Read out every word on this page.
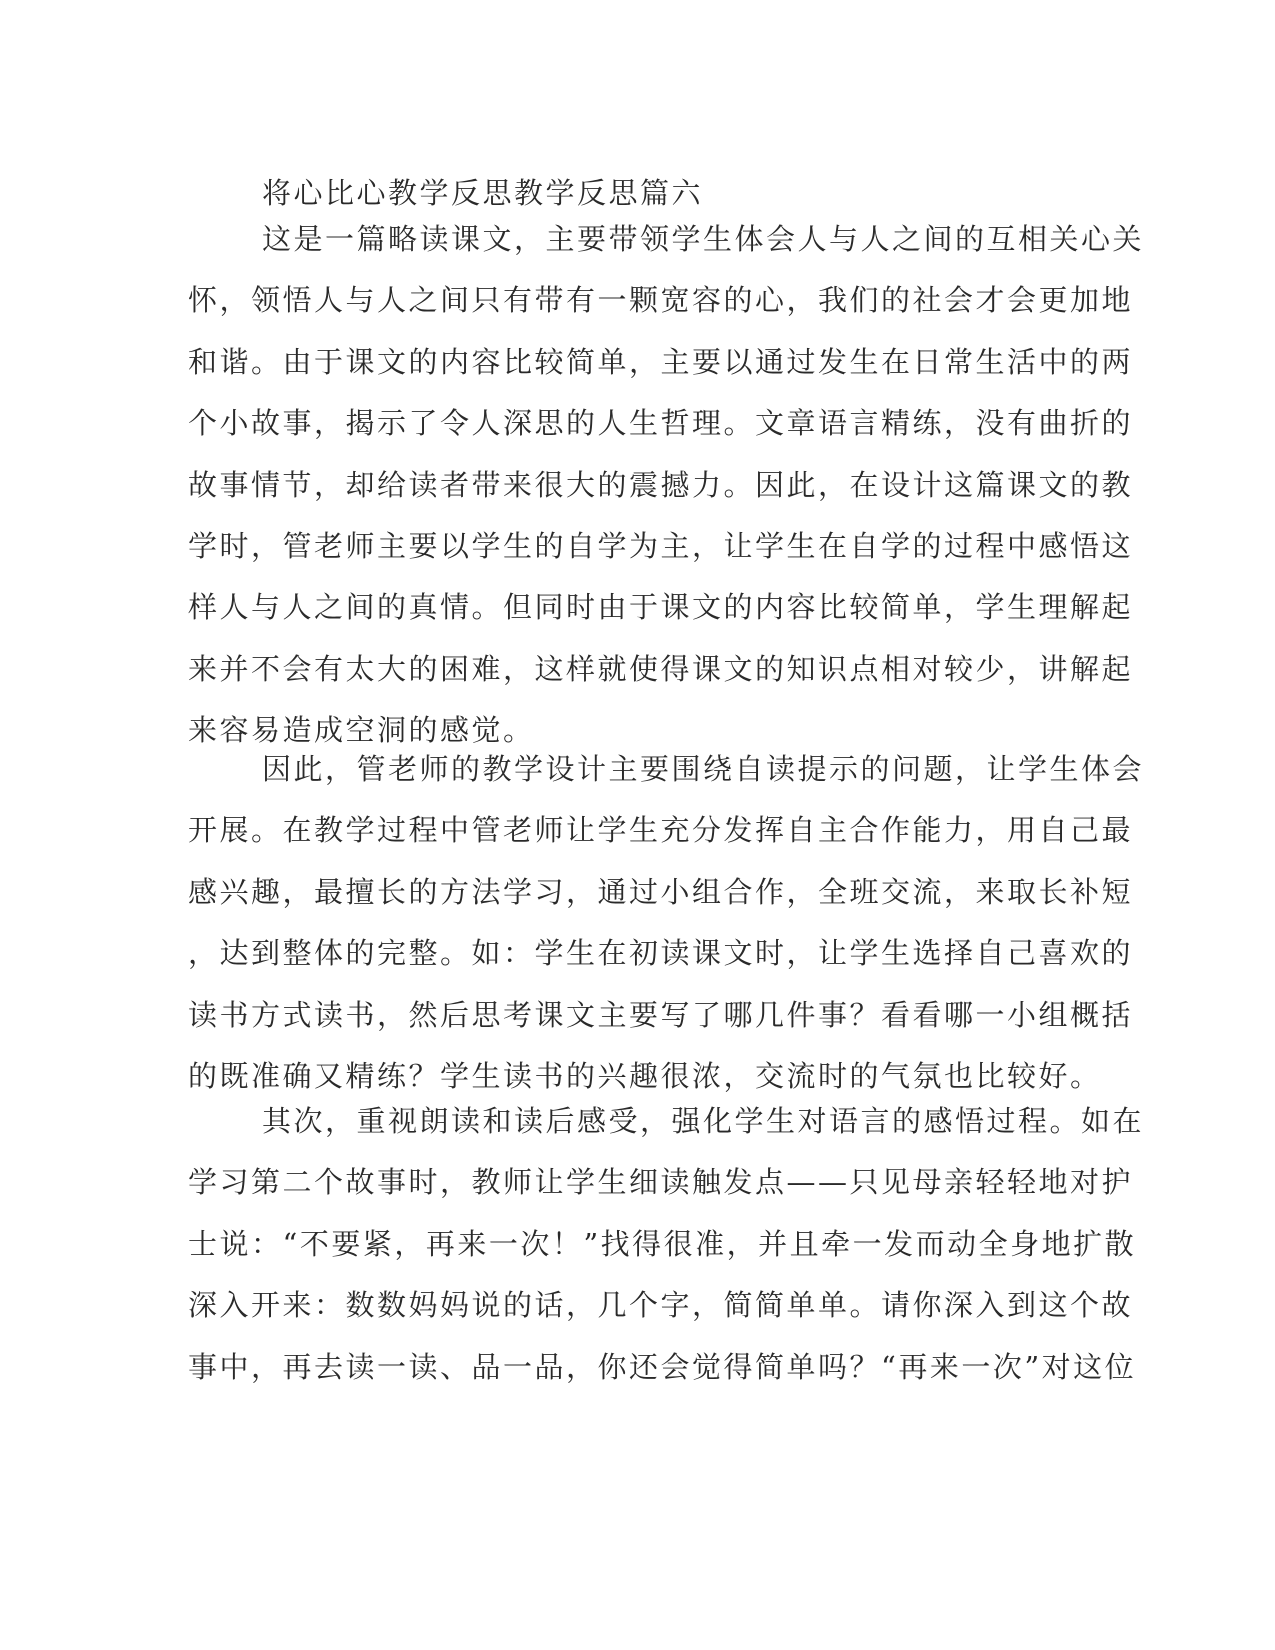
将心比心教学反思教学反思篇六
这是一篇略读课文，主要带领学生体会人与人之间的互相关心关
怀，领悟人与人之间只有带有一颗宽容的心，我们的社会才会更加地
和谐。由于课文的内容比较简单，主要以通过发生在日常生活中的两
个小故事，揭示了令人深思的人生哲理。文章语言精练，没有曲折的
故事情节，却给读者带来很大的震撼力。因此，在设计这篇课文的教
学时，管老师主要以学生的自学为主，让学生在自学的过程中感悟这
样人与人之间的真情。但同时由于课文的内容比较简单，学生理解起
来并不会有太大的困难，这样就使得课文的知识点相对较少，讲解起
来容易造成空洞的感觉。
因此，管老师的教学设计主要围绕自读提示的问题，让学生体会
开展。在教学过程中管老师让学生充分发挥自主合作能力，用自己最
感兴趣，最擅长的方法学习，通过小组合作，全班交流，来取长补短
，达到整体的完整。如：学生在初读课文时，让学生选择自己喜欢的
读书方式读书，然后思考课文主要写了哪几件事？看看哪一小组概括
的既准确又精练？学生读书的兴趣很浓，交流时的气氛也比较好。
其次，重视朗读和读后感受，强化学生对语言的感悟过程。如在
学习第二个故事时，教师让学生细读触发点——只见母亲轻轻地对护
士说：“不要紧，再来一次！”找得很准，并且牵一发而动全身地扩散
深入开来：数数妈妈说的话，几个字，简简单单。请你深入到这个故
事中，再去读一读、品一品，你还会觉得简单吗？“再来一次”对这位
